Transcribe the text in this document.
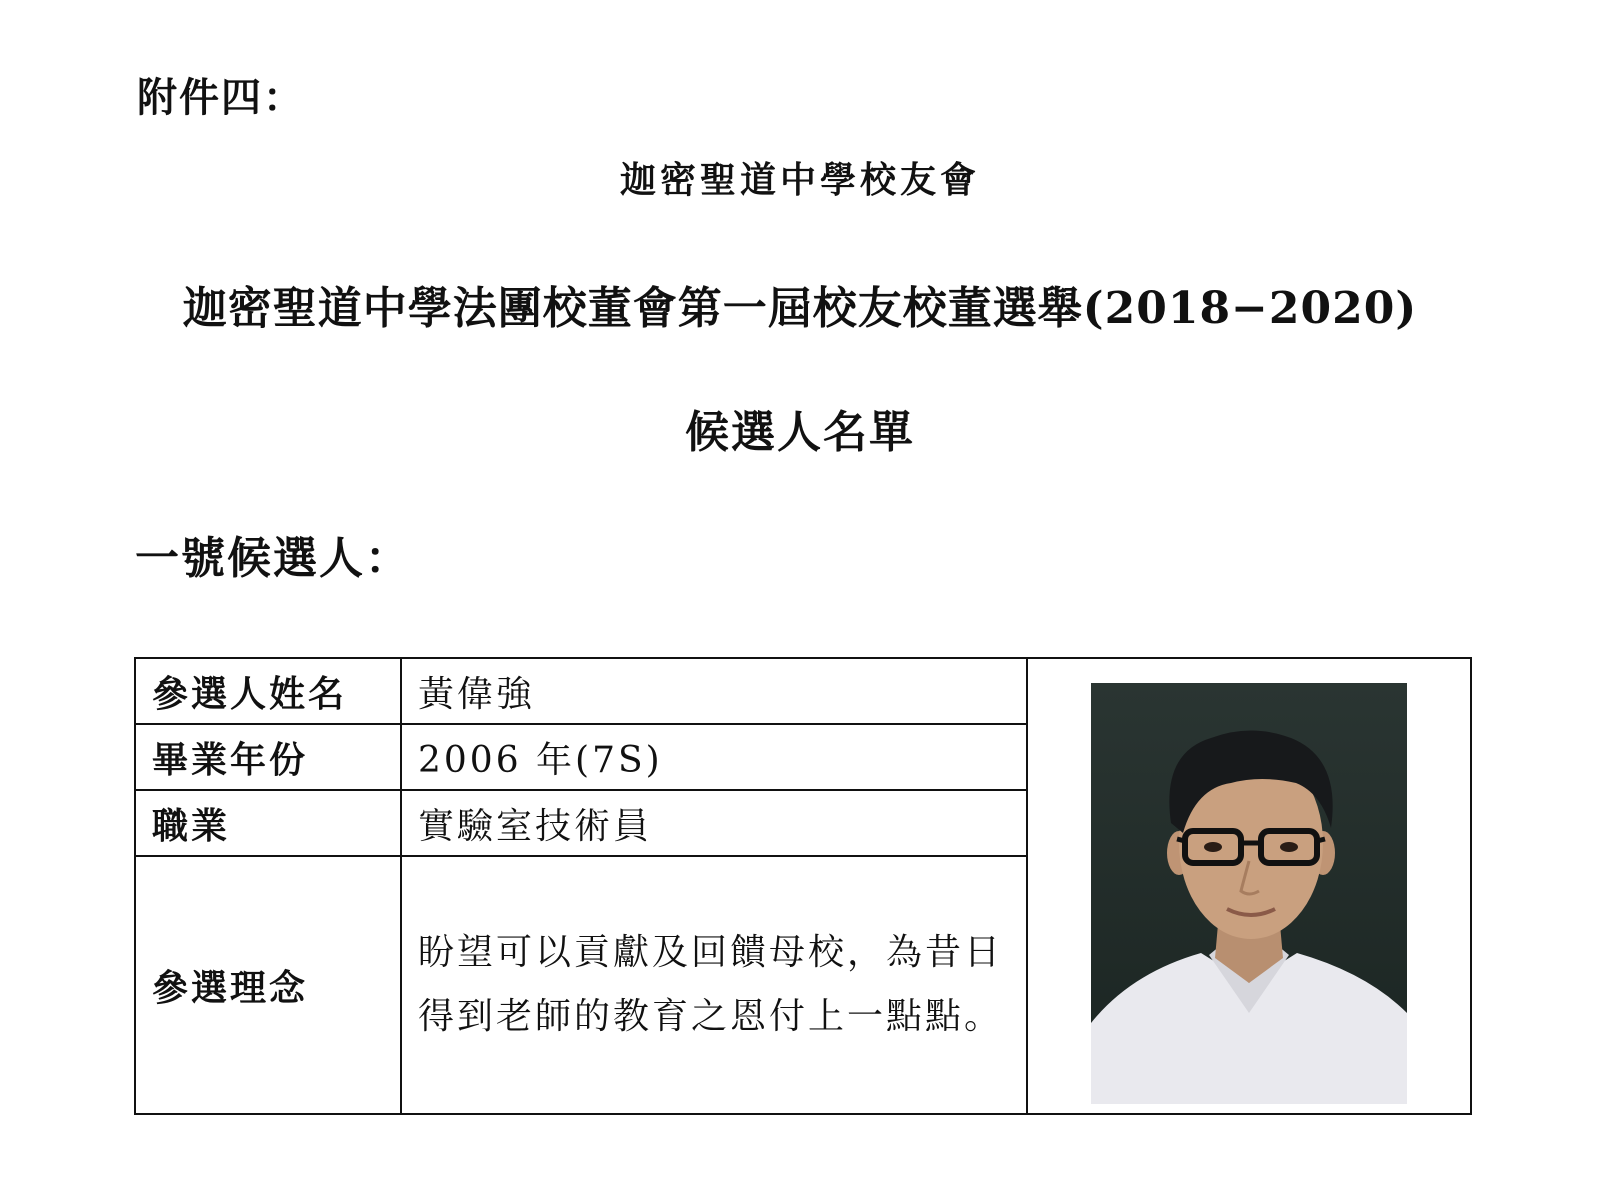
附件四：
迦密聖道中學校友會
迦密聖道中學法團校董會第一屆校友校董選舉(2018−2020)
候選人名單
一號候選人：
參選人姓名	黃偉強	

畢業年份	2006 年(7S)	
職業	實驗室技術員	
參選理念	盼望可以貢獻及回饋母校，為昔日得到老師的教育之恩付上一點點。	
